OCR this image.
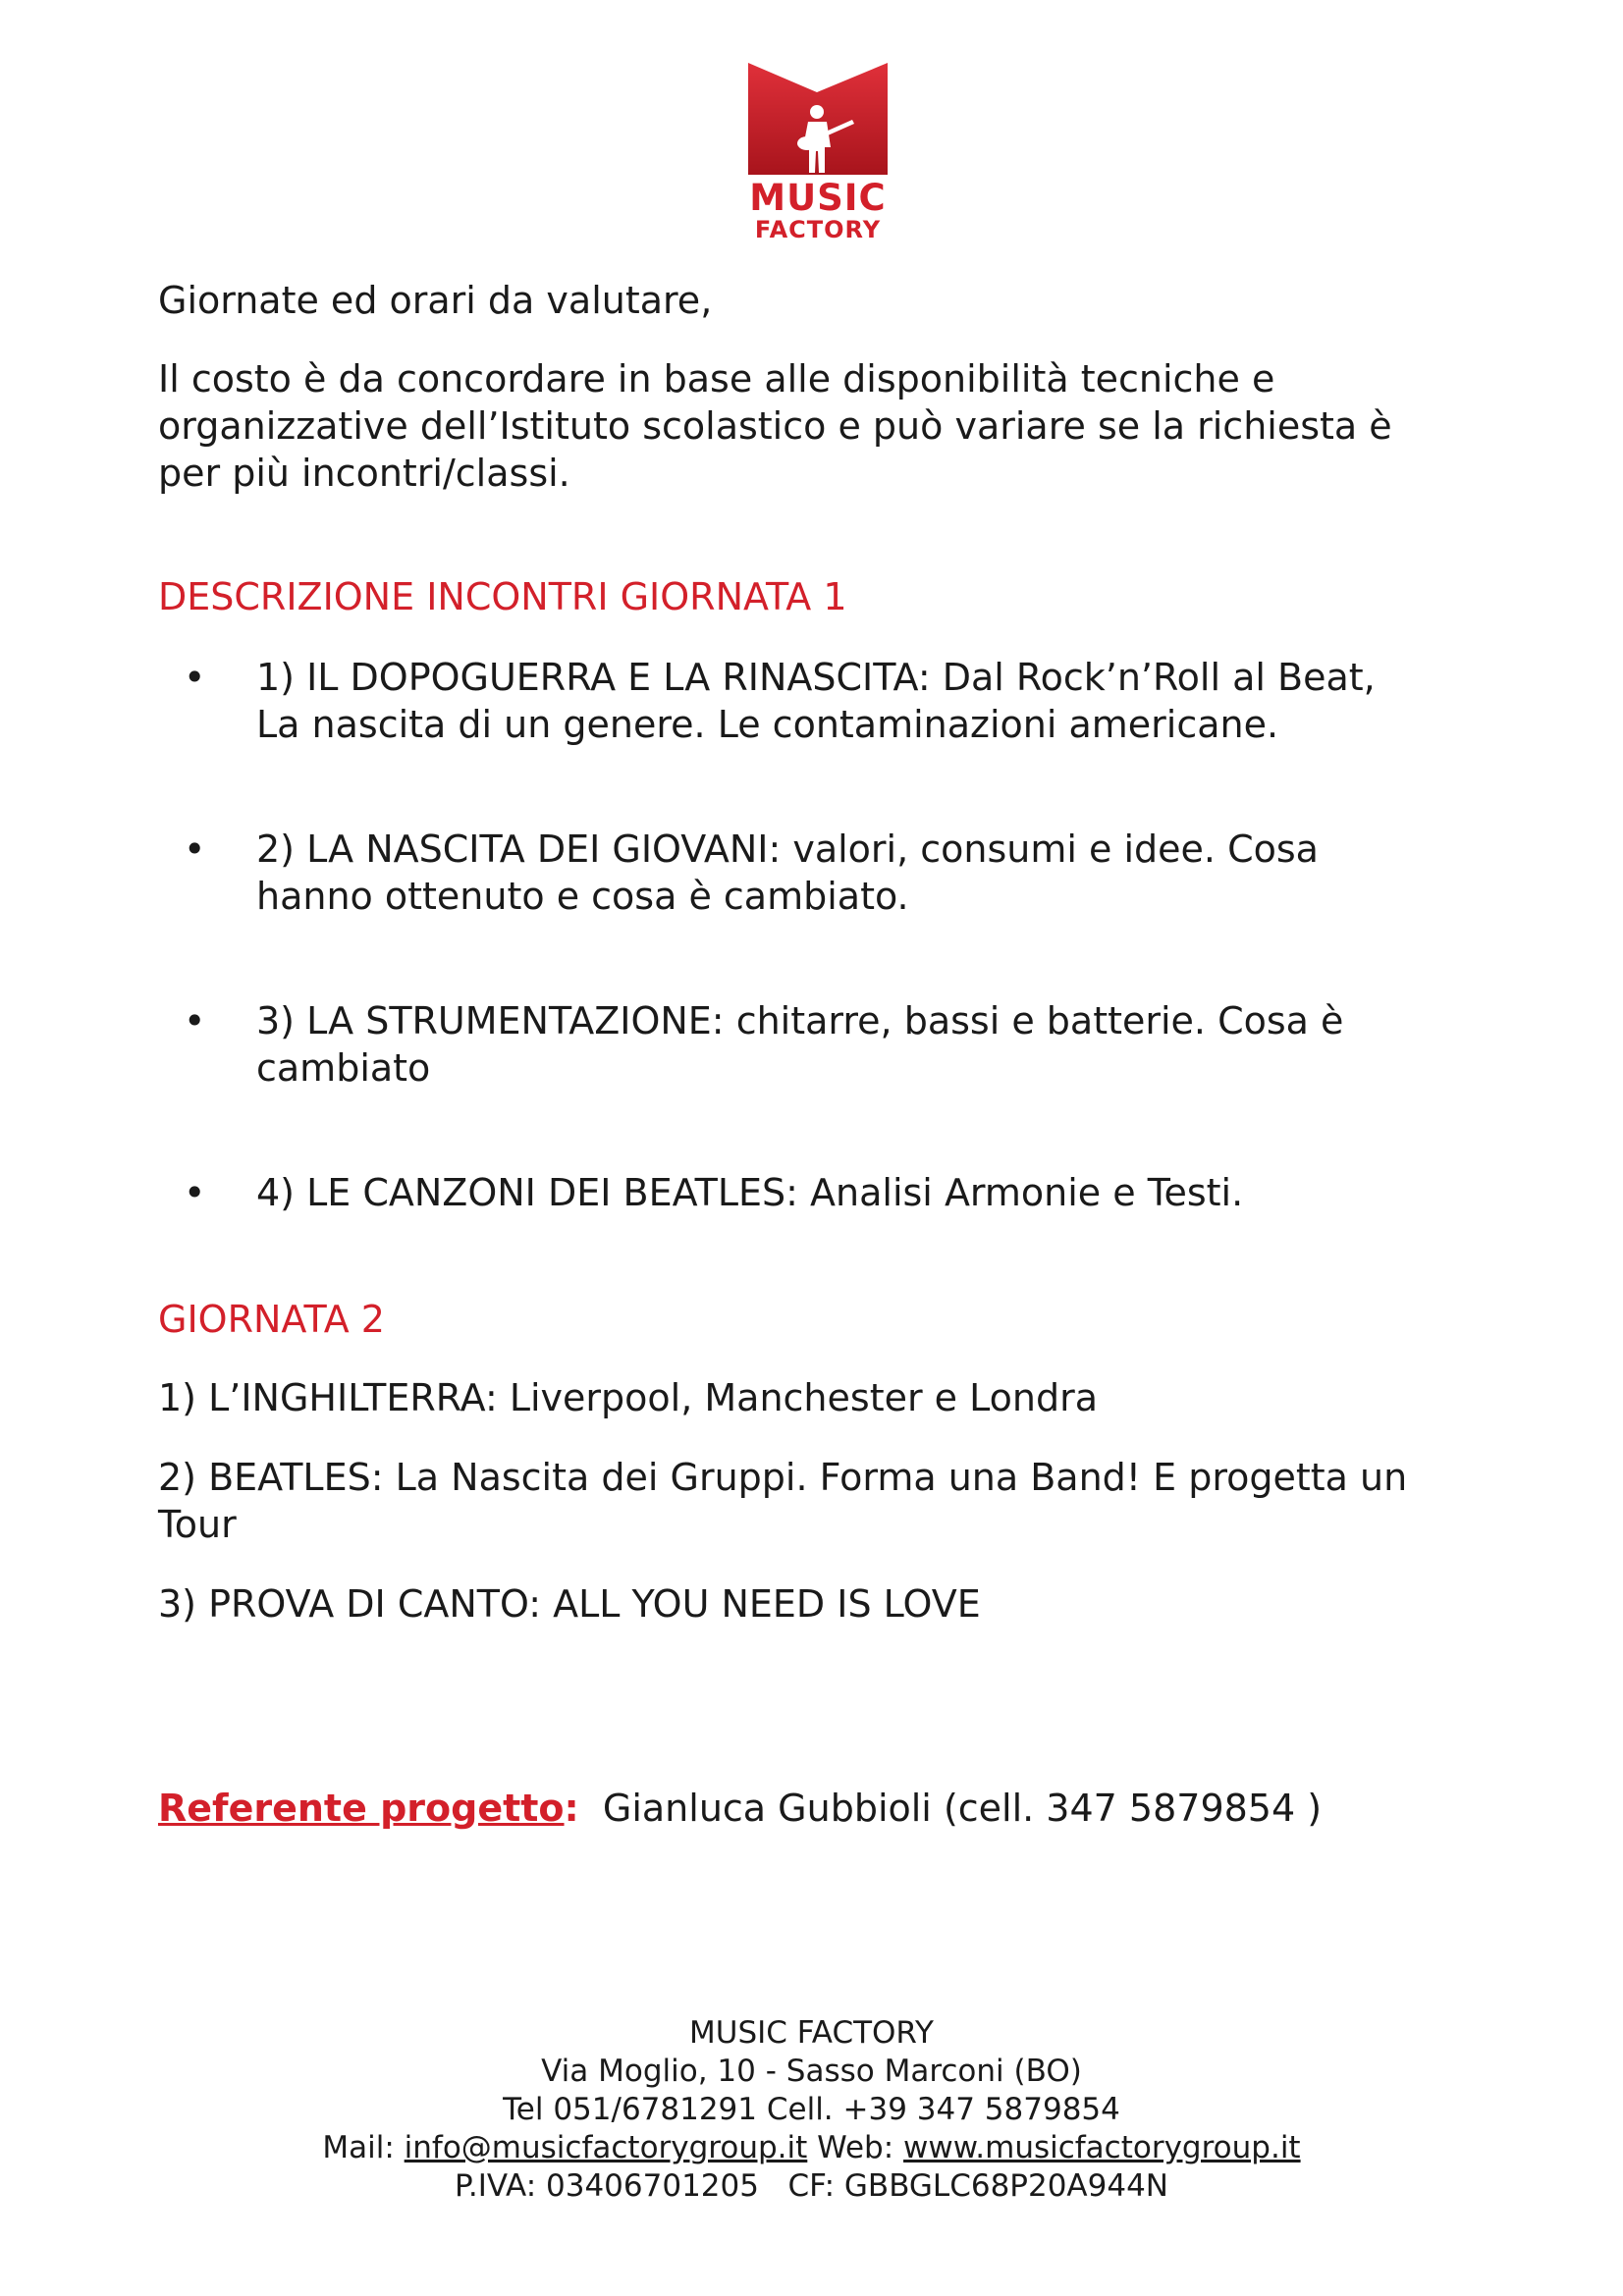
MUSIC
FACTORY

Giornate ed orari da valutare,

Il costo è da concordare in base alle disponibilità tecniche e

organizzative dell’Istituto scolastico e può variare se la richiesta è

per più incontri/classi.

DESCRIZIONE INCONTRI GIORNATA 1

• 1) IL DOPOGUERRA E LA RINASCITA: Dal Rock’n’Roll al Beat,
La nascita di un genere. Le contaminazioni americane.
• 2) LA NASCITA DEI GIOVANI: valori, consumi e idee. Cosa
hanno ottenuto e cosa è cambiato.
• 3) LA STRUMENTAZIONE: chitarre, bassi e batterie. Cosa è
cambiato
• 4) LE CANZONI DEI BEATLES: Analisi Armonie e Testi.

GIORNATA 2

1) L’INGHILTERRA: Liverpool, Manchester e Londra

2) BEATLES: La Nascita dei Gruppi. Forma una Band! E progetta un

Tour

3) PROVA DI CANTO: ALL YOU NEED IS LOVE

Referente progetto:  Gianluca Gubbioli (cell. 347 5879854 )

MUSIC FACTORY
Via Moglio, 10 - Sasso Marconi (BO)
Tel 051/6781291 Cell. +39 347 5879854
Mail: info@musicfactorygroup.it Web: www.musicfactorygroup.it
P.IVA: 03406701205   CF: GBBGLC68P20A944N
